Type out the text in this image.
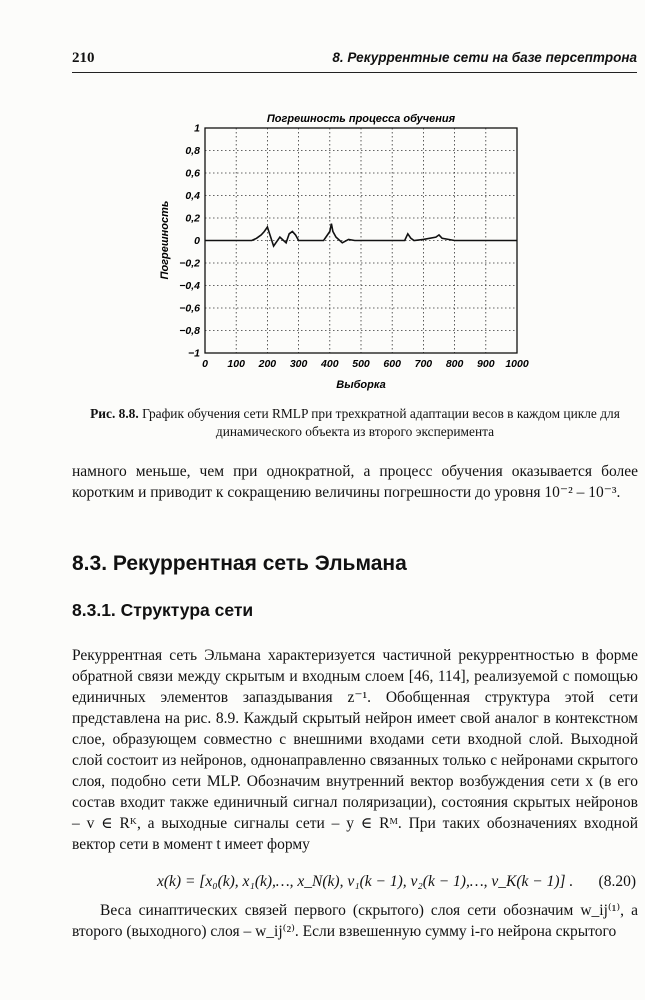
210	8. Рекуррентные сети на базе персептрона
0 100 200 300 400 500 600 700 800 900 1000
1
0,8
0,6
0,4
0,2
0
−0,2
−0,4
−0,6
−0,8
−1
Погрешность процесса обучения
Выборка
Погрешность
Рис. 8.8. График обучения сети RMLP при трехкратной адаптации весов в каждом цикле для динамического объекта из второго эксперимента
намного меньше, чем при однократной, а процесс обучения оказывается более коротким и приводит к сокращению величины погрешности до уровня 10⁻² – 10⁻³.
8.3. Рекуррентная сеть Эльмана
8.3.1. Структура сети
Рекуррентная сеть Эльмана характеризуется частичной рекуррентностью в форме обратной связи между скрытым и входным слоем [46, 114], реализуемой с помощью единичных элементов запаздывания z⁻¹. Обобщенная структура этой сети представлена на рис. 8.9. Каждый скрытый нейрон имеет свой аналог в контекстном слое, образующем совместно с внешними входами сети входной слой. Выходной слой состоит из нейронов, однонаправленно связанных только с нейронами скрытого слоя, подобно сети MLP. Обозначим внутренний вектор возбуждения сети x (в его состав входит также единичный сигнал поляризации), состояния скрытых нейронов – v ∈ Rᴷ, а выходные сигналы сети – y ∈ Rᴹ. При таких обозначениях входной вектор сети в момент t имеет форму
x(k) = [x₀(k), x₁(k),…, x_N(k), v₁(k − 1), v₂(k − 1),…, v_K(k − 1)] . (8.20)
Веса синаптических связей первого (скрытого) слоя сети обозначим w_ij⁽¹⁾, а второго (выходного) слоя – w_ij⁽²⁾. Если взвешенную сумму i-го нейрона скрытого
